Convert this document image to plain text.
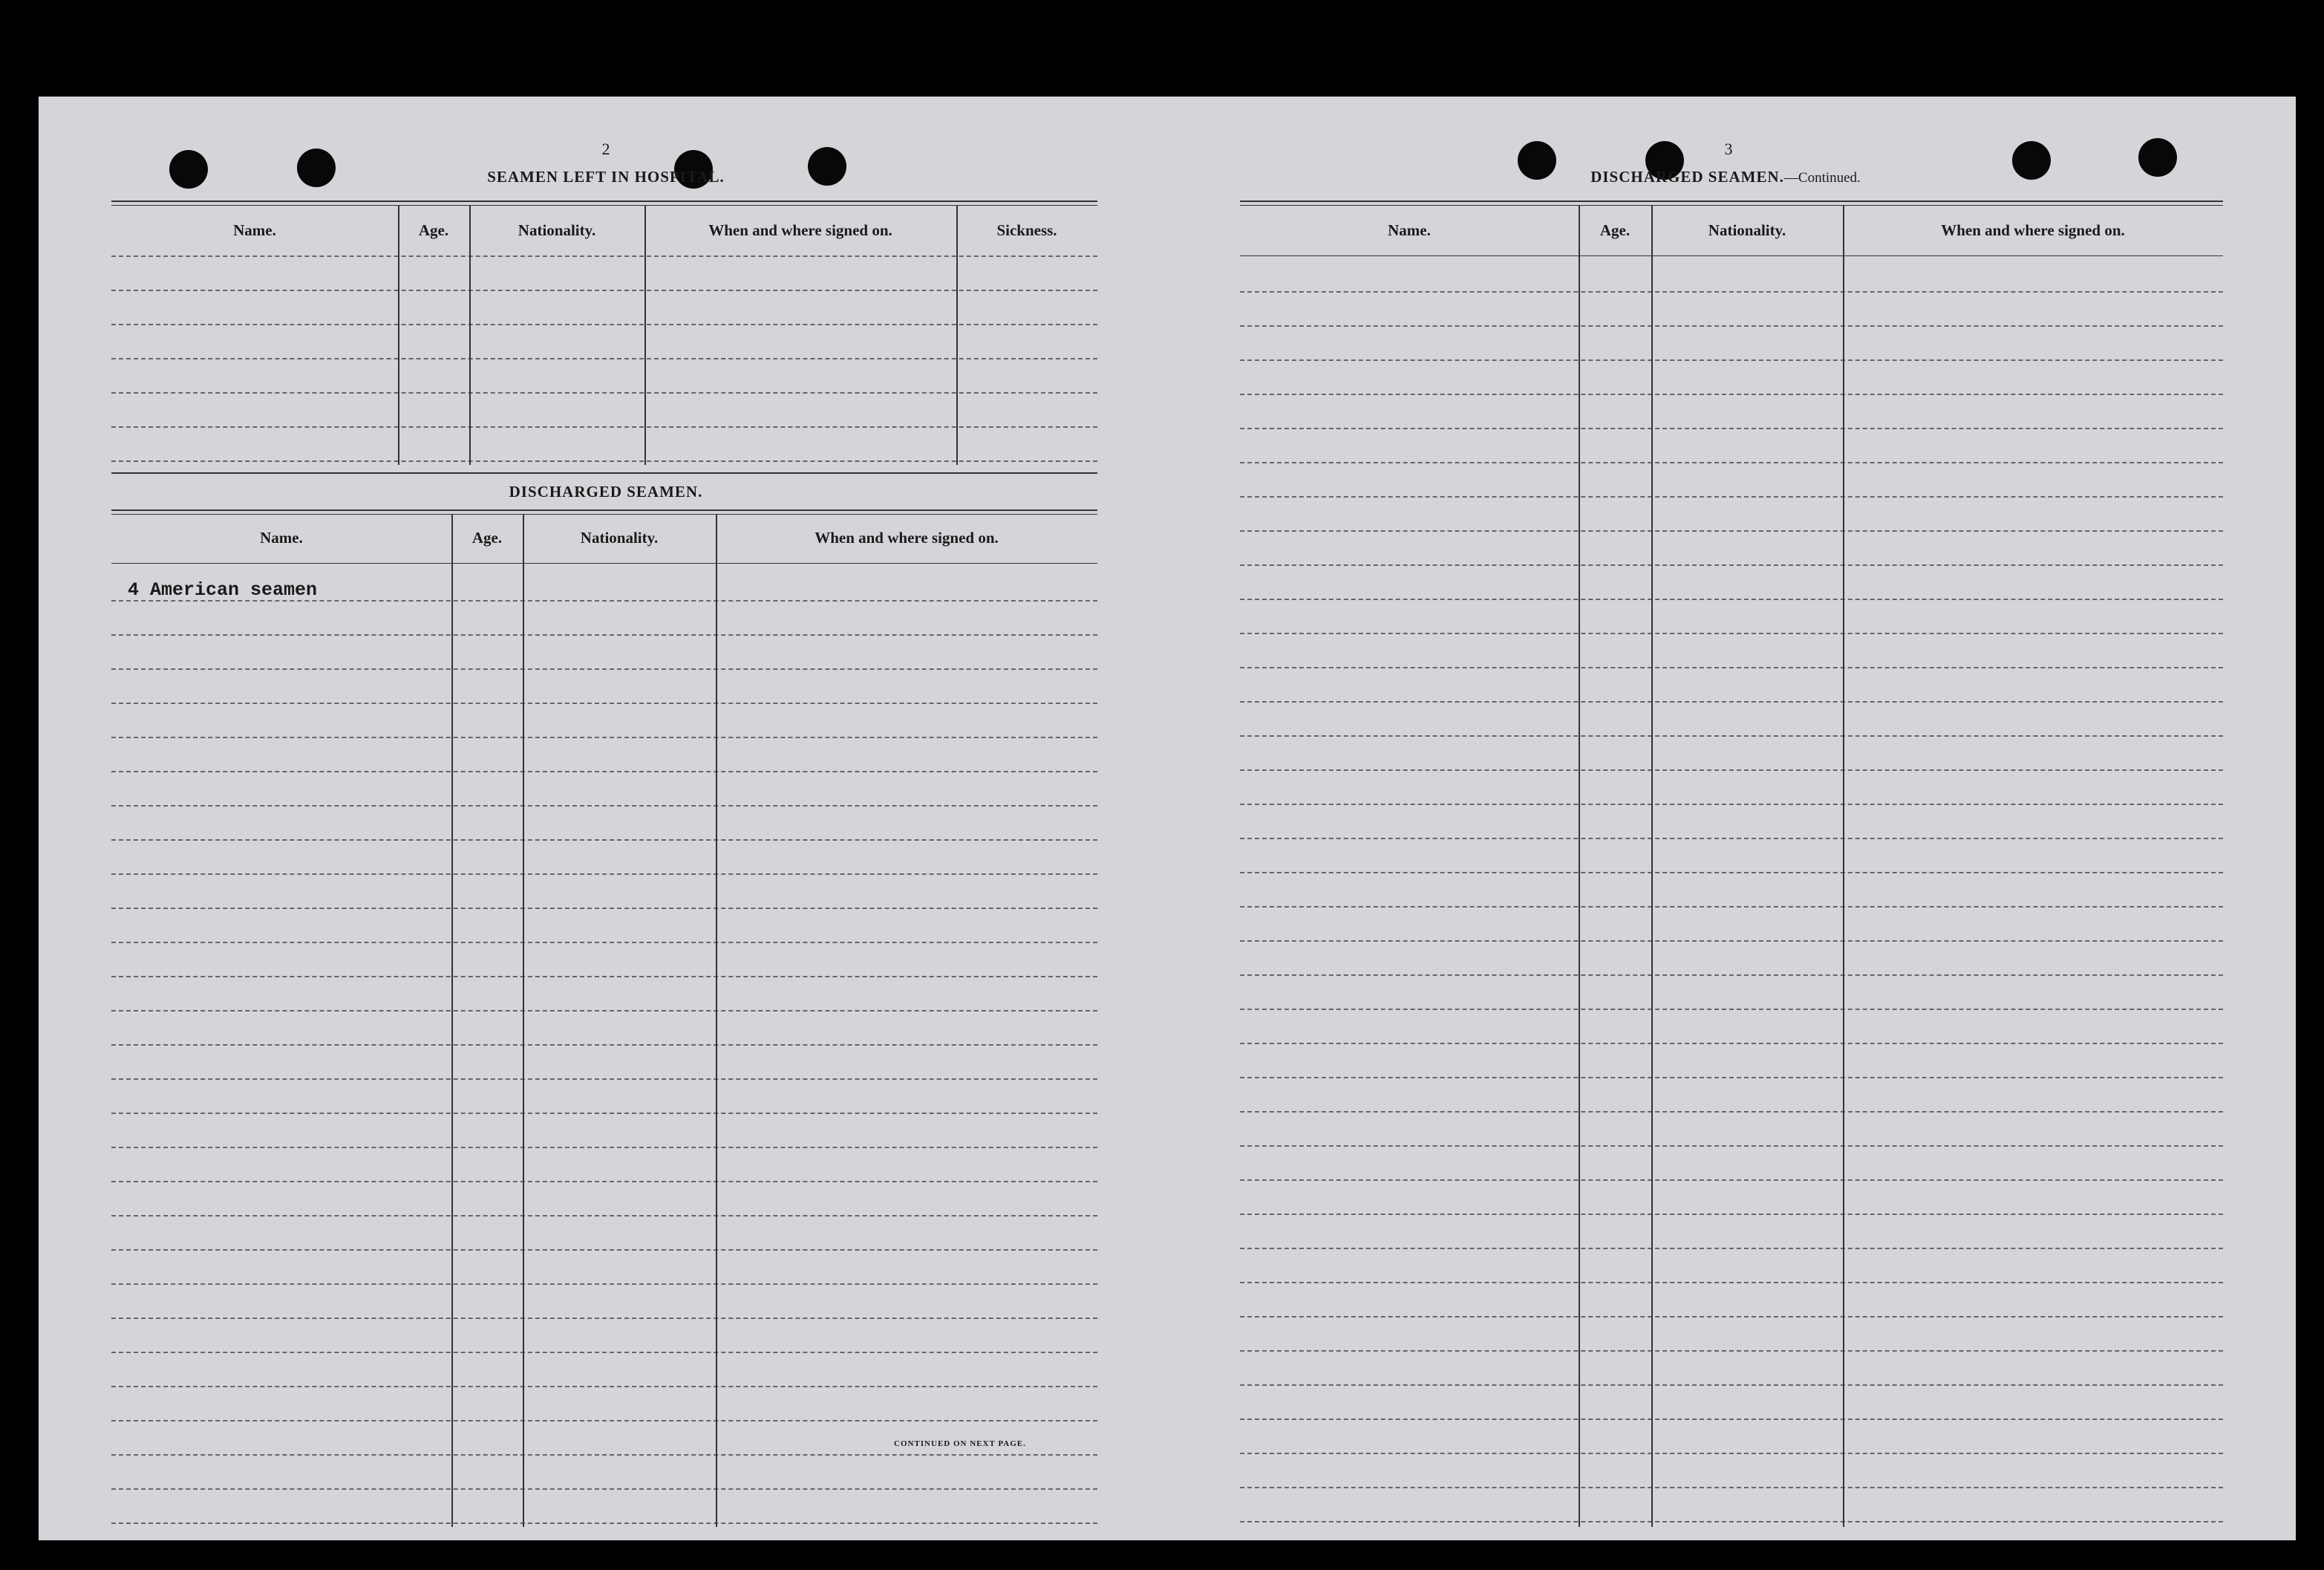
2
SEAMEN LEFT IN HOSPITAL.
Name.	Age.	Nationality.	When and where signed on.	Sickness.
DISCHARGED SEAMEN.
Name.	Age.	Nationality.	When and where signed on.
4 American seamen
CONTINUED ON NEXT PAGE.
3
DISCHARGED SEAMEN.—Continued.
Name.	Age.	Nationality.	When and where signed on.
